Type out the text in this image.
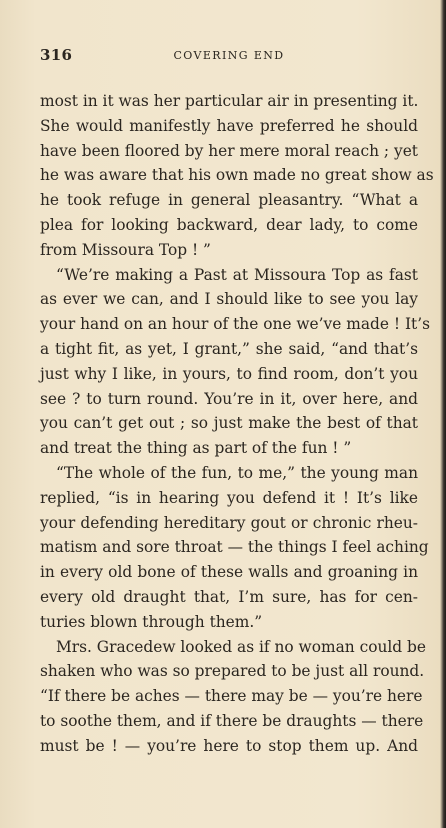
316	COVERING END
most in it was her particular air in presenting it.
She would manifestly have preferred he should
have been floored by her mere moral reach ; yet
he was aware that his own made no great show as
he took refuge in general pleasantry. “What a
plea for looking backward, dear lady, to come
from Missoura Top ! ”
“We’re making a Past at Missoura Top as fast
as ever we can, and I should like to see you lay
your hand on an hour of the one we’ve made ! It’s
a tight fit, as yet, I grant,” she said, “and that’s
just why I like, in yours, to find room, don’t you
see ? to turn round. You’re in it, over here, and
you can’t get out ; so just make the best of that
and treat the thing as part of the fun ! ”
“The whole of the fun, to me,” the young man
replied, “is in hearing you defend it ! It’s like
your defending hereditary gout or chronic rheu-
matism and sore throat — the things I feel aching
in every old bone of these walls and groaning in
every old draught that, I’m sure, has for cen-
turies blown through them.”
Mrs. Gracedew looked as if no woman could be
shaken who was so prepared to be just all round.
“If there be aches — there may be — you’re here
to soothe them, and if there be draughts — there
must be ! — you’re here to stop them up. And
